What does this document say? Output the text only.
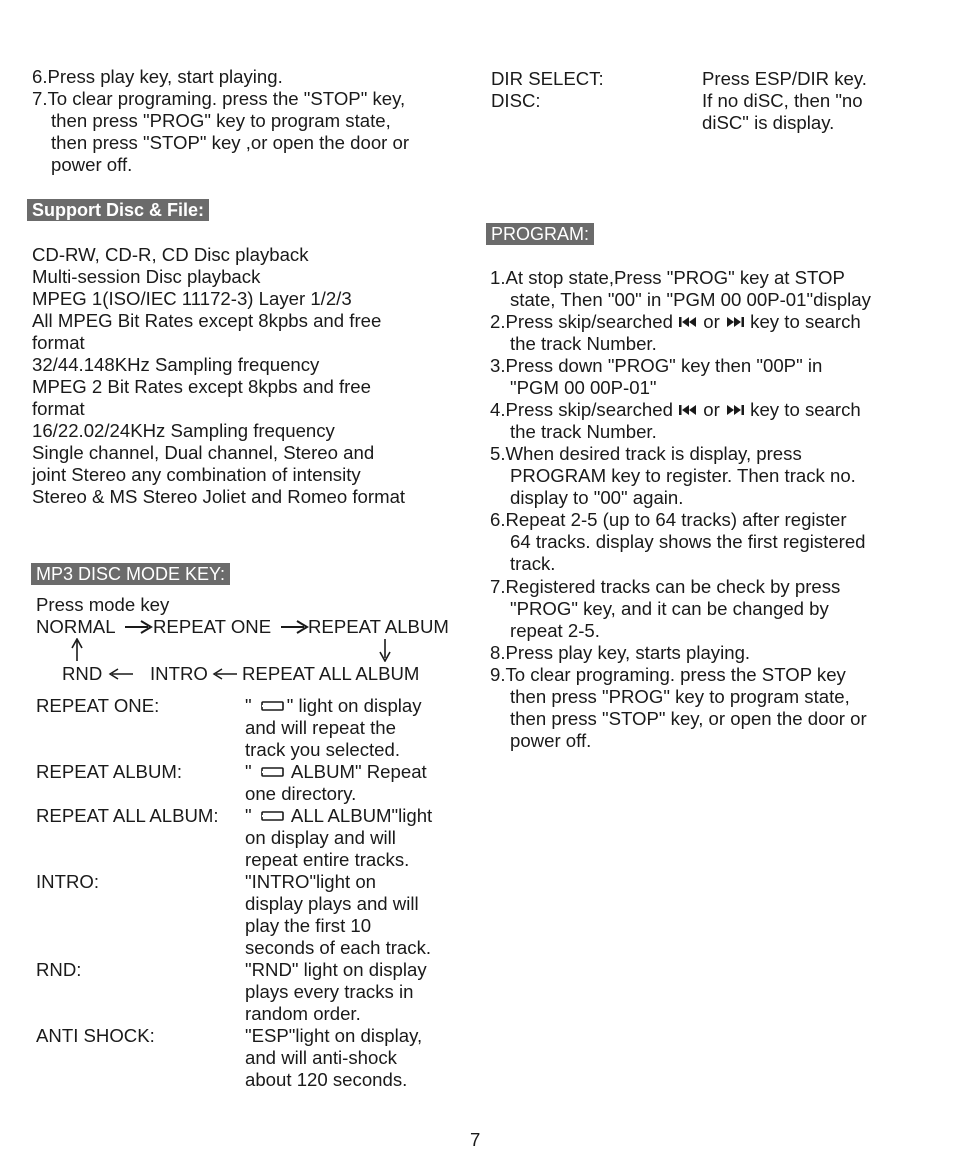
6.Press play key, start playing.
7.To clear programing. press the "STOP" key,
then press "PROG" key to program state,
then press "STOP" key ,or open the door or
power off.
Support Disc & File:
CD-RW, CD-R, CD Disc playback
Multi-session Disc playback
MPEG 1(ISO/IEC 11172-3) Layer 1/2/3
All MPEG Bit Rates except 8kpbs and free
format
32/44.148KHz Sampling frequency
MPEG 2 Bit Rates except 8kpbs and free
format
16/22.02/24KHz Sampling frequency
Single channel, Dual channel, Stereo and
joint Stereo any combination of intensity
Stereo & MS Stereo Joliet and Romeo format
MP3 DISC MODE KEY:
Press mode key
NORMAL REPEAT ONE REPEAT ALBUM
RND	INTRO REPEAT ALL ALBUM
REPEAT ONE:	" " light on display
and will repeat the
track you selected.
REPEAT ALBUM:	" ALBUM" Repeat
one directory.
REPEAT ALL ALBUM: " ALL ALBUM"light
on display and will
repeat entire tracks.
INTRO:	"INTRO"light on
display plays and will
play the first 10
seconds of each track.
RND:	"RND" light on display
plays every tracks in
random order.
ANTI SHOCK:	"ESP"light on display,
and will anti-shock
about 120 seconds.
DIR SELECT:	Press ESP/DIR key.
DISC:	If no diSC, then "no
diSC" is display.
PROGRAM:
1.At stop state,Press "PROG" key at STOP
state, Then "00" in "PGM 00 00P-01"display
2.Press skip/searched or key to search
the track Number.
3.Press down "PROG" key then "00P" in
"PGM 00 00P-01"
4.Press skip/searched or key to search
the track Number.
5.When desired track is display, press
PROGRAM key to register. Then track no.
display to "00" again.
6.Repeat 2-5 (up to 64 tracks) after register
64 tracks. display shows the first registered
track.
7.Registered tracks can be check by press
"PROG" key, and it can be changed by
repeat 2-5.
8.Press play key, starts playing.
9.To clear programing. press the STOP key
then press "PROG" key to program state,
then press "STOP" key, or open the door or
power off.
7
